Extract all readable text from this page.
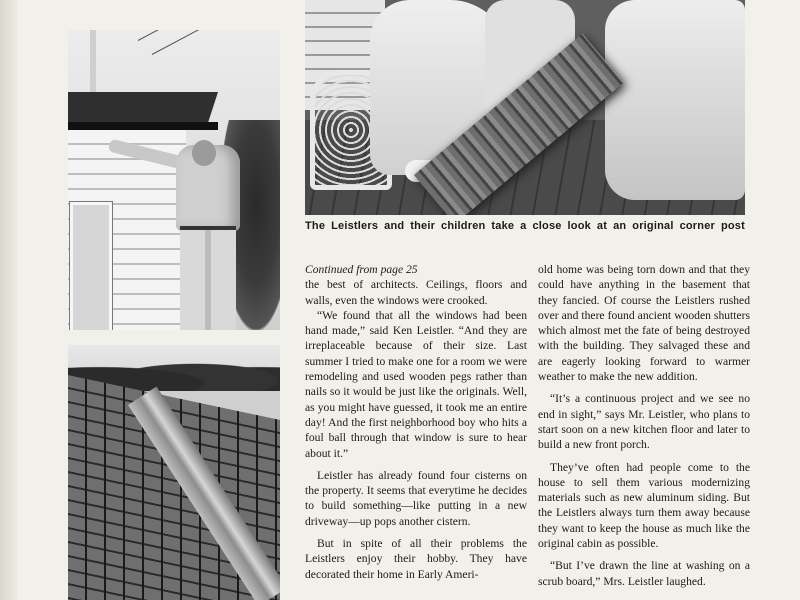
The Leistlers and their children take a close look at an original corner post
Continued from page 25

the best of architects. Ceilings, floors and walls, even the windows were crooked.

“We found that all the windows had been hand made,” said Ken Leistler. “And they are irreplaceable because of their size. Last summer I tried to make one for a room we were remodeling and used wooden pegs rather than nails so it would be just like the originals. Well, as you might have guessed, it took me an entire day! And the first neighborhood boy who hits a foul ball through that window is sure to hear about it.”

Leistler has already found four cisterns on the property. It seems that everytime he decides to build something—like putting in a new driveway—up pops another cistern.

But in spite of all their problems the Leistlers enjoy their hobby. They have decorated their home in Early Ameri-

old home was being torn down and that they could have anything in the basement that they fancied. Of course the Leistlers rushed over and there found ancient wooden shutters which almost met the fate of being destroyed with the building. They salvaged these and are eagerly looking forward to warmer weather to make the new addition.

“It’s a continuous project and we see no end in sight,” says Mr. Leistler, who plans to start soon on a new kitchen floor and later to build a new front porch.

They’ve often had people come to the house to sell them various modernizing materials such as new aluminum siding. But the Leistlers always turn them away because they want to keep the house as much like the original cabin as possible.

“But I’ve drawn the line at washing on a scrub board,” Mrs. Leistler laughed.
